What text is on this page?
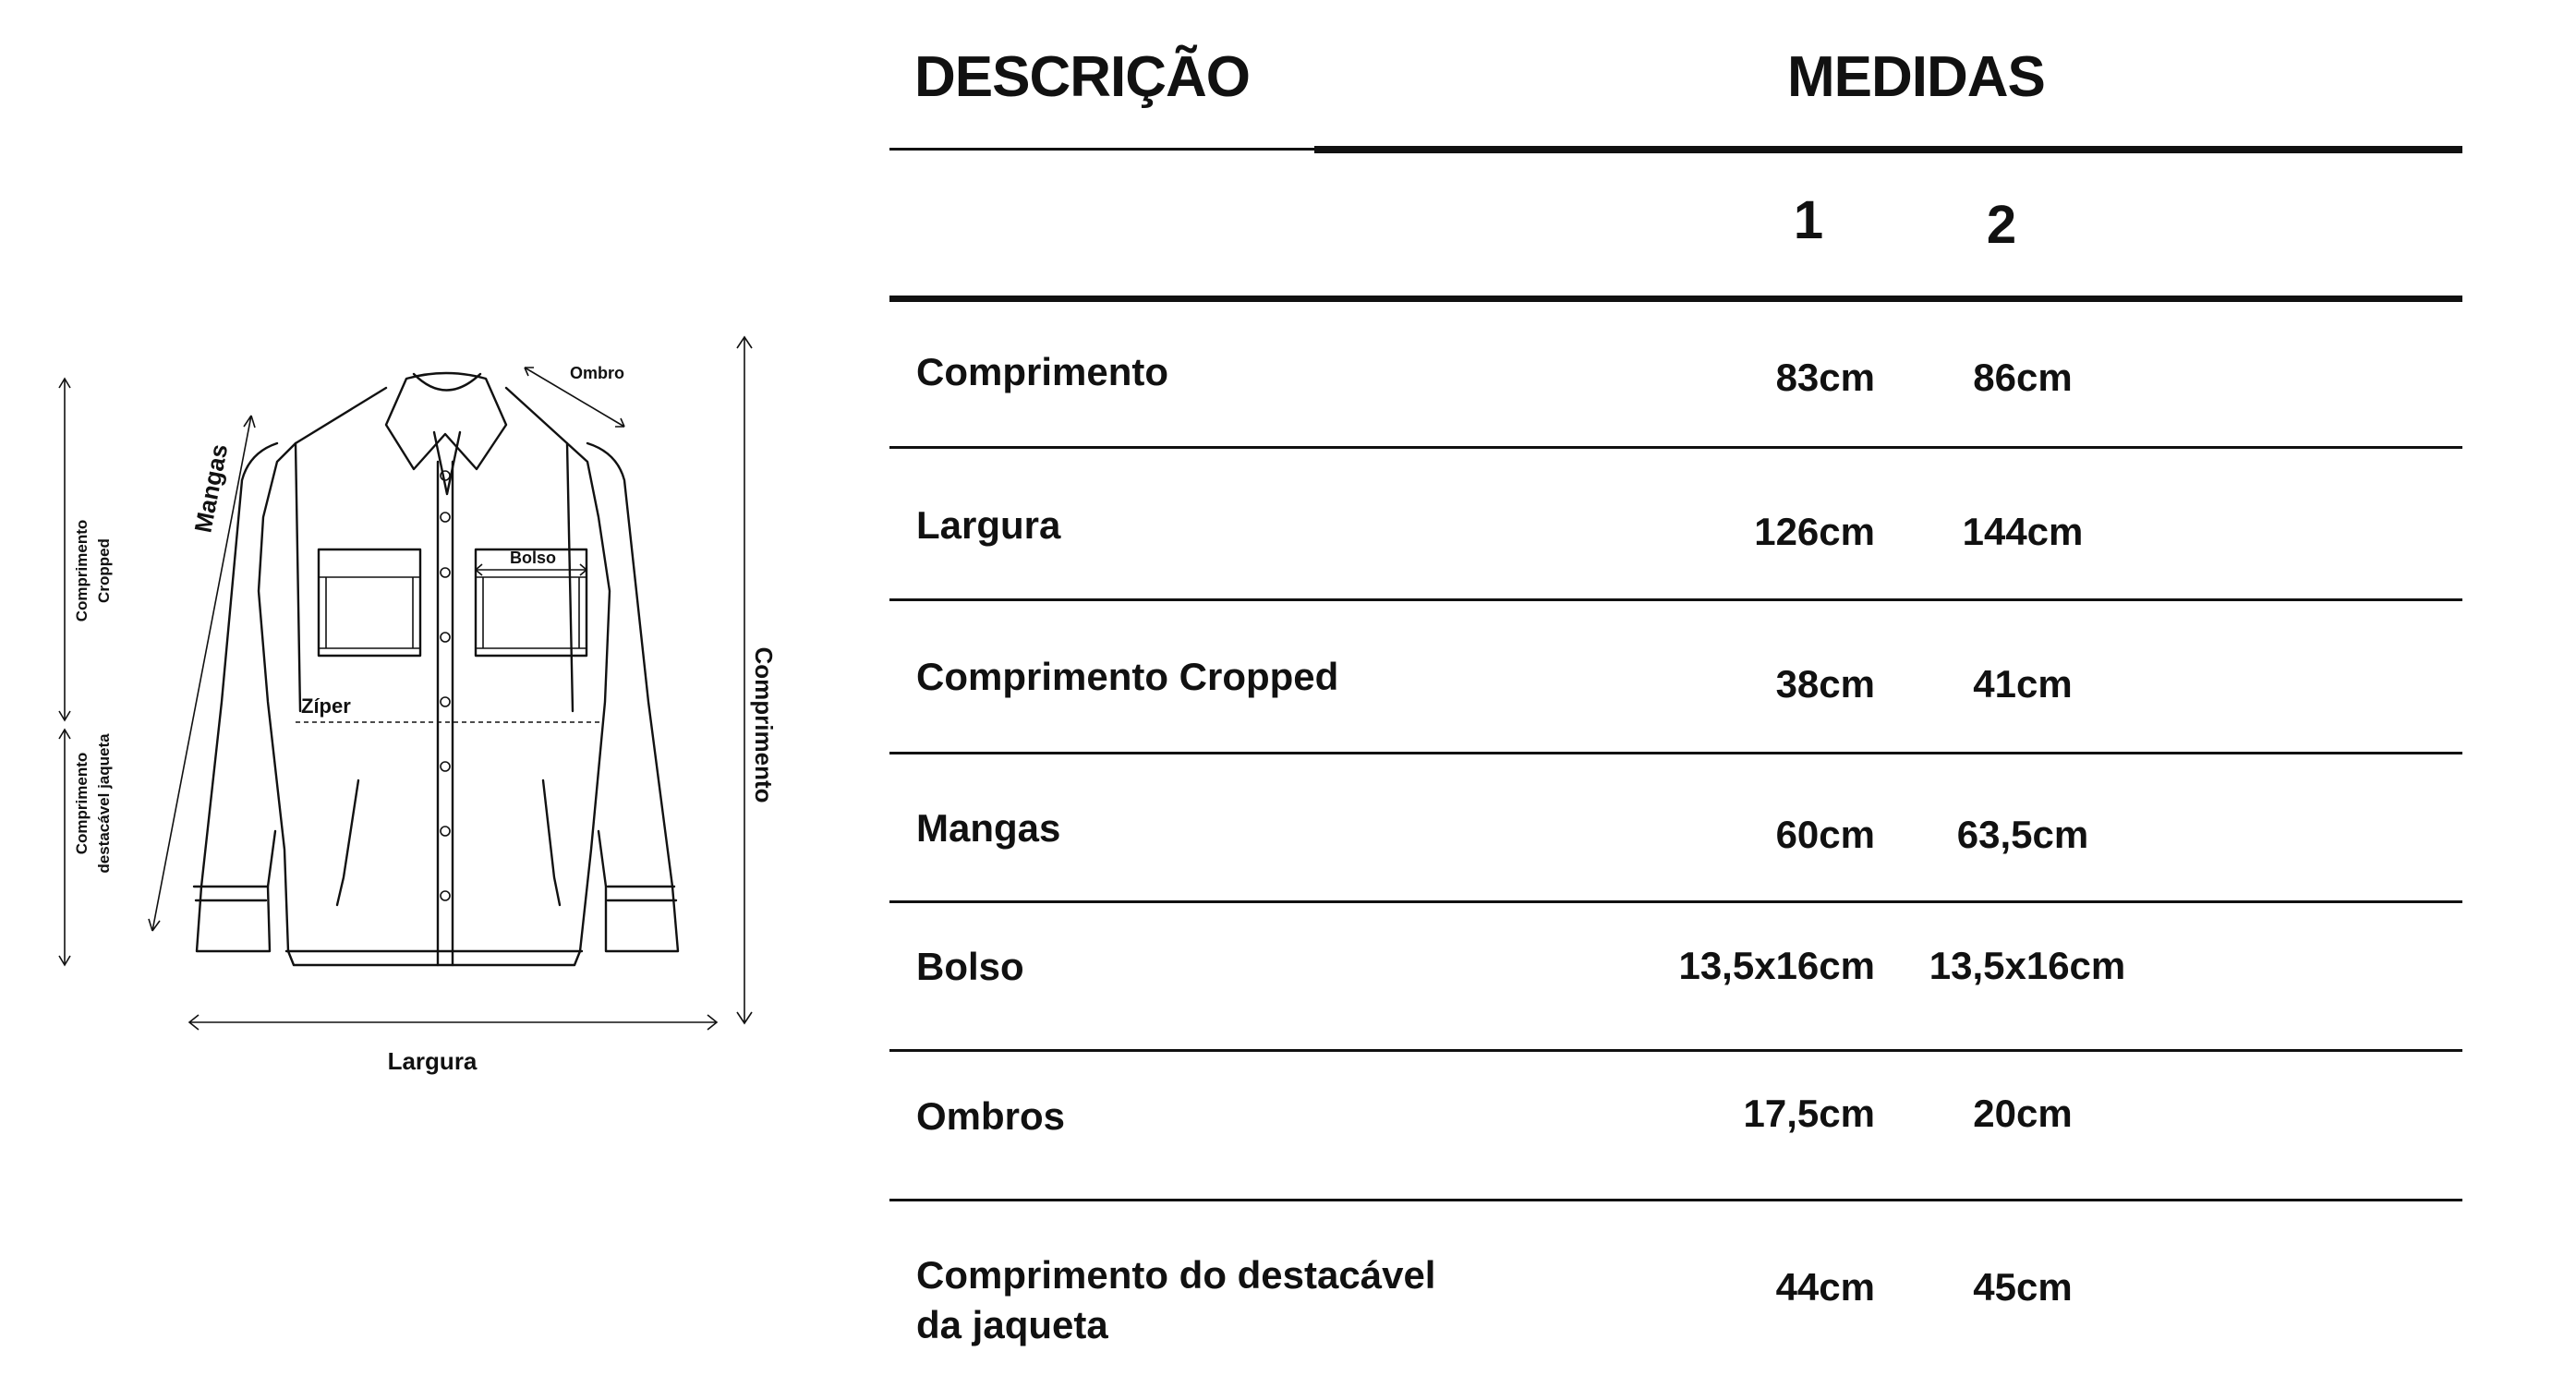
Bolso
Zíper
Ombro
Mangas
Largura
Comprimento
Comprimento Cropped
Comprimento destacável jaqueta
DESCRIÇÃO	MEDIDAS
1	2
Comprimento	83cm	86cm
Largura	126cm	144cm
Comprimento Cropped	38cm	41cm
Mangas	60cm	63,5cm
Bolso	13,5x16cm	13,5x16cm
Ombros	17,5cm	20cm
Comprimento do destacável
da jaqueta
44cm	45cm
